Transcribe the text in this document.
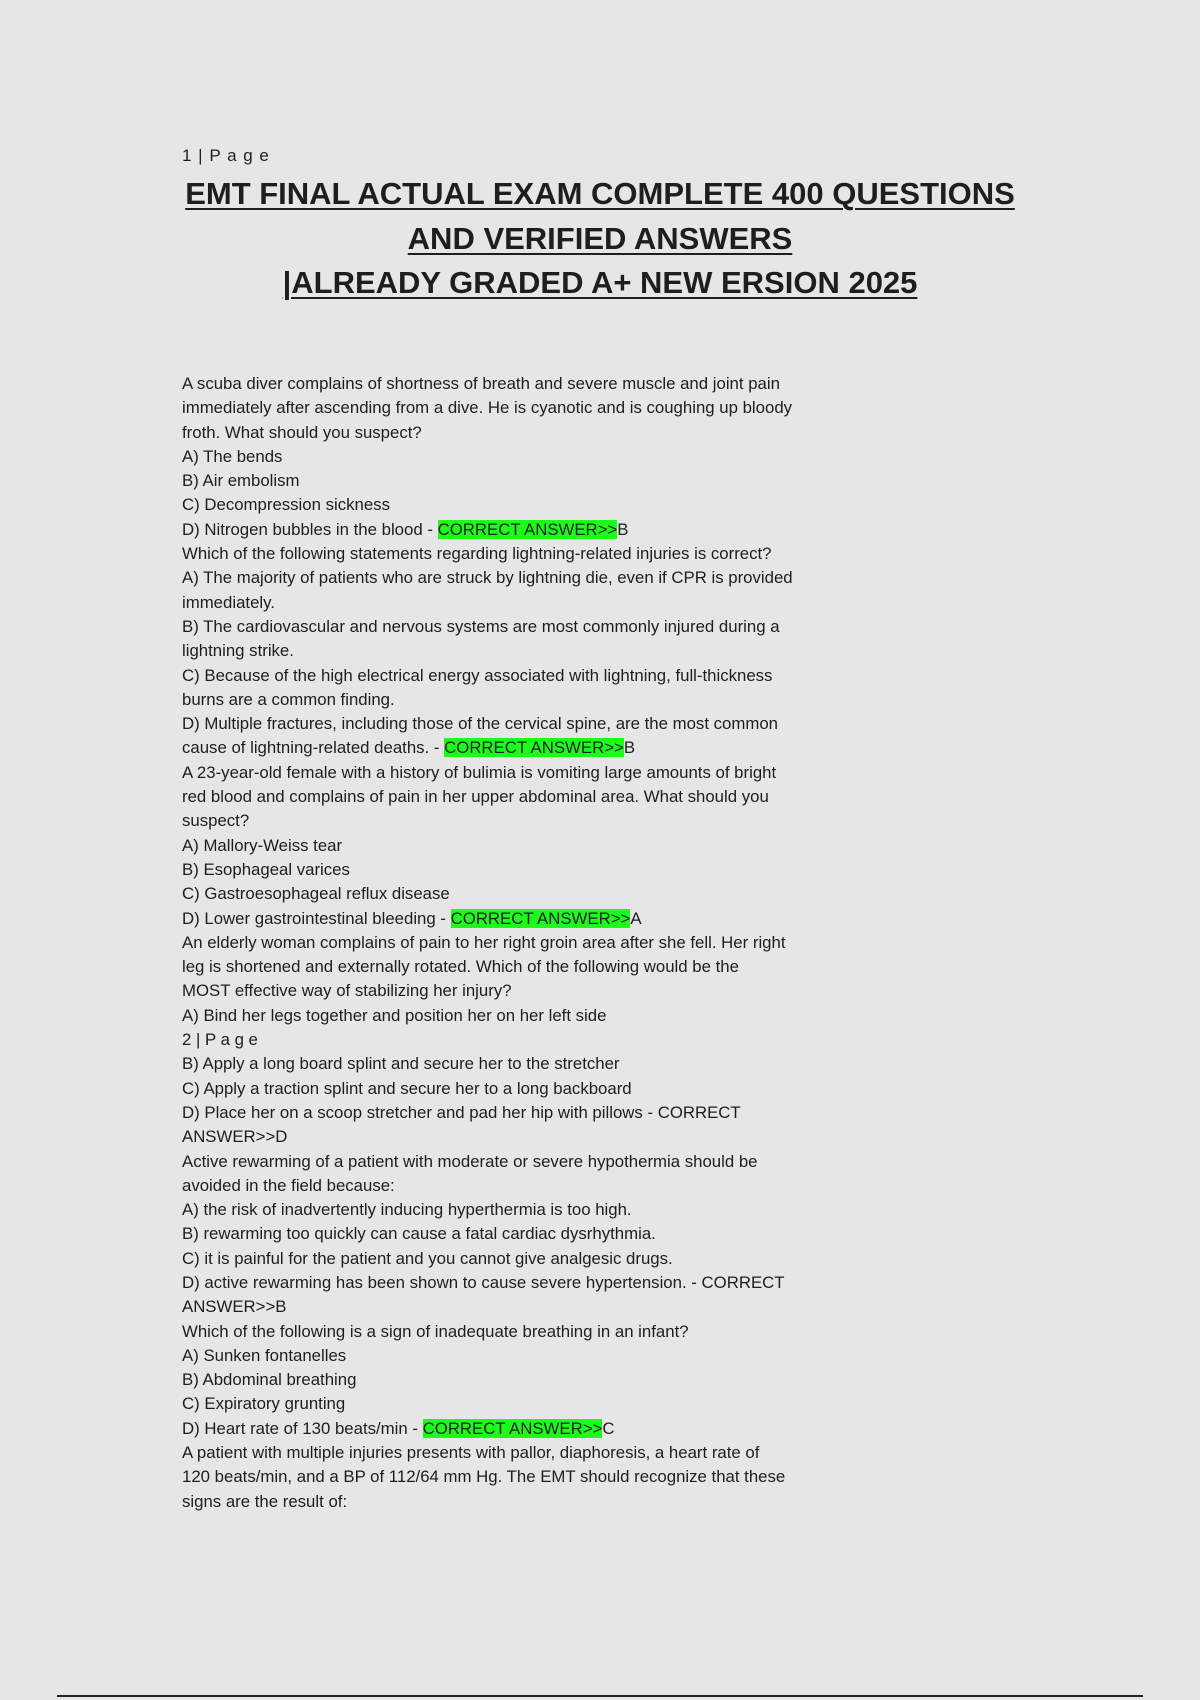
1 | P a g e
EMT FINAL ACTUAL EXAM COMPLETE 400 QUESTIONS
AND VERIFIED ANSWERS
|ALREADY GRADED A+ NEW ERSION 2025
A scuba diver complains of shortness of breath and severe muscle and joint pain
immediately after ascending from a dive. He is cyanotic and is coughing up bloody
froth. What should you suspect?
A) The bends
B) Air embolism
C) Decompression sickness
D) Nitrogen bubbles in the blood - CORRECT ANSWER>>B
Which of the following statements regarding lightning-related injuries is correct?
A) The majority of patients who are struck by lightning die, even if CPR is provided
immediately.
B) The cardiovascular and nervous systems are most commonly injured during a
lightning strike.
C) Because of the high electrical energy associated with lightning, full-thickness
burns are a common finding.
D) Multiple fractures, including those of the cervical spine, are the most common
cause of lightning-related deaths. - CORRECT ANSWER>>B
A 23-year-old female with a history of bulimia is vomiting large amounts of bright
red blood and complains of pain in her upper abdominal area. What should you
suspect?
A) Mallory-Weiss tear
B) Esophageal varices
C) Gastroesophageal reflux disease
D) Lower gastrointestinal bleeding - CORRECT ANSWER>>A
An elderly woman complains of pain to her right groin area after she fell. Her right
leg is shortened and externally rotated. Which of the following would be the
MOST effective way of stabilizing her injury?
A) Bind her legs together and position her on her left side
2 | P a g e
B) Apply a long board splint and secure her to the stretcher
C) Apply a traction splint and secure her to a long backboard
D) Place her on a scoop stretcher and pad her hip with pillows - CORRECT
ANSWER>>D
Active rewarming of a patient with moderate or severe hypothermia should be
avoided in the field because:
A) the risk of inadvertently inducing hyperthermia is too high.
B) rewarming too quickly can cause a fatal cardiac dysrhythmia.
C) it is painful for the patient and you cannot give analgesic drugs.
D) active rewarming has been shown to cause severe hypertension. - CORRECT
ANSWER>>B
Which of the following is a sign of inadequate breathing in an infant?
A) Sunken fontanelles
B) Abdominal breathing
C) Expiratory grunting
D) Heart rate of 130 beats/min - CORRECT ANSWER>>C
A patient with multiple injuries presents with pallor, diaphoresis, a heart rate of
120 beats/min, and a BP of 112/64 mm Hg. The EMT should recognize that these
signs are the result of:
